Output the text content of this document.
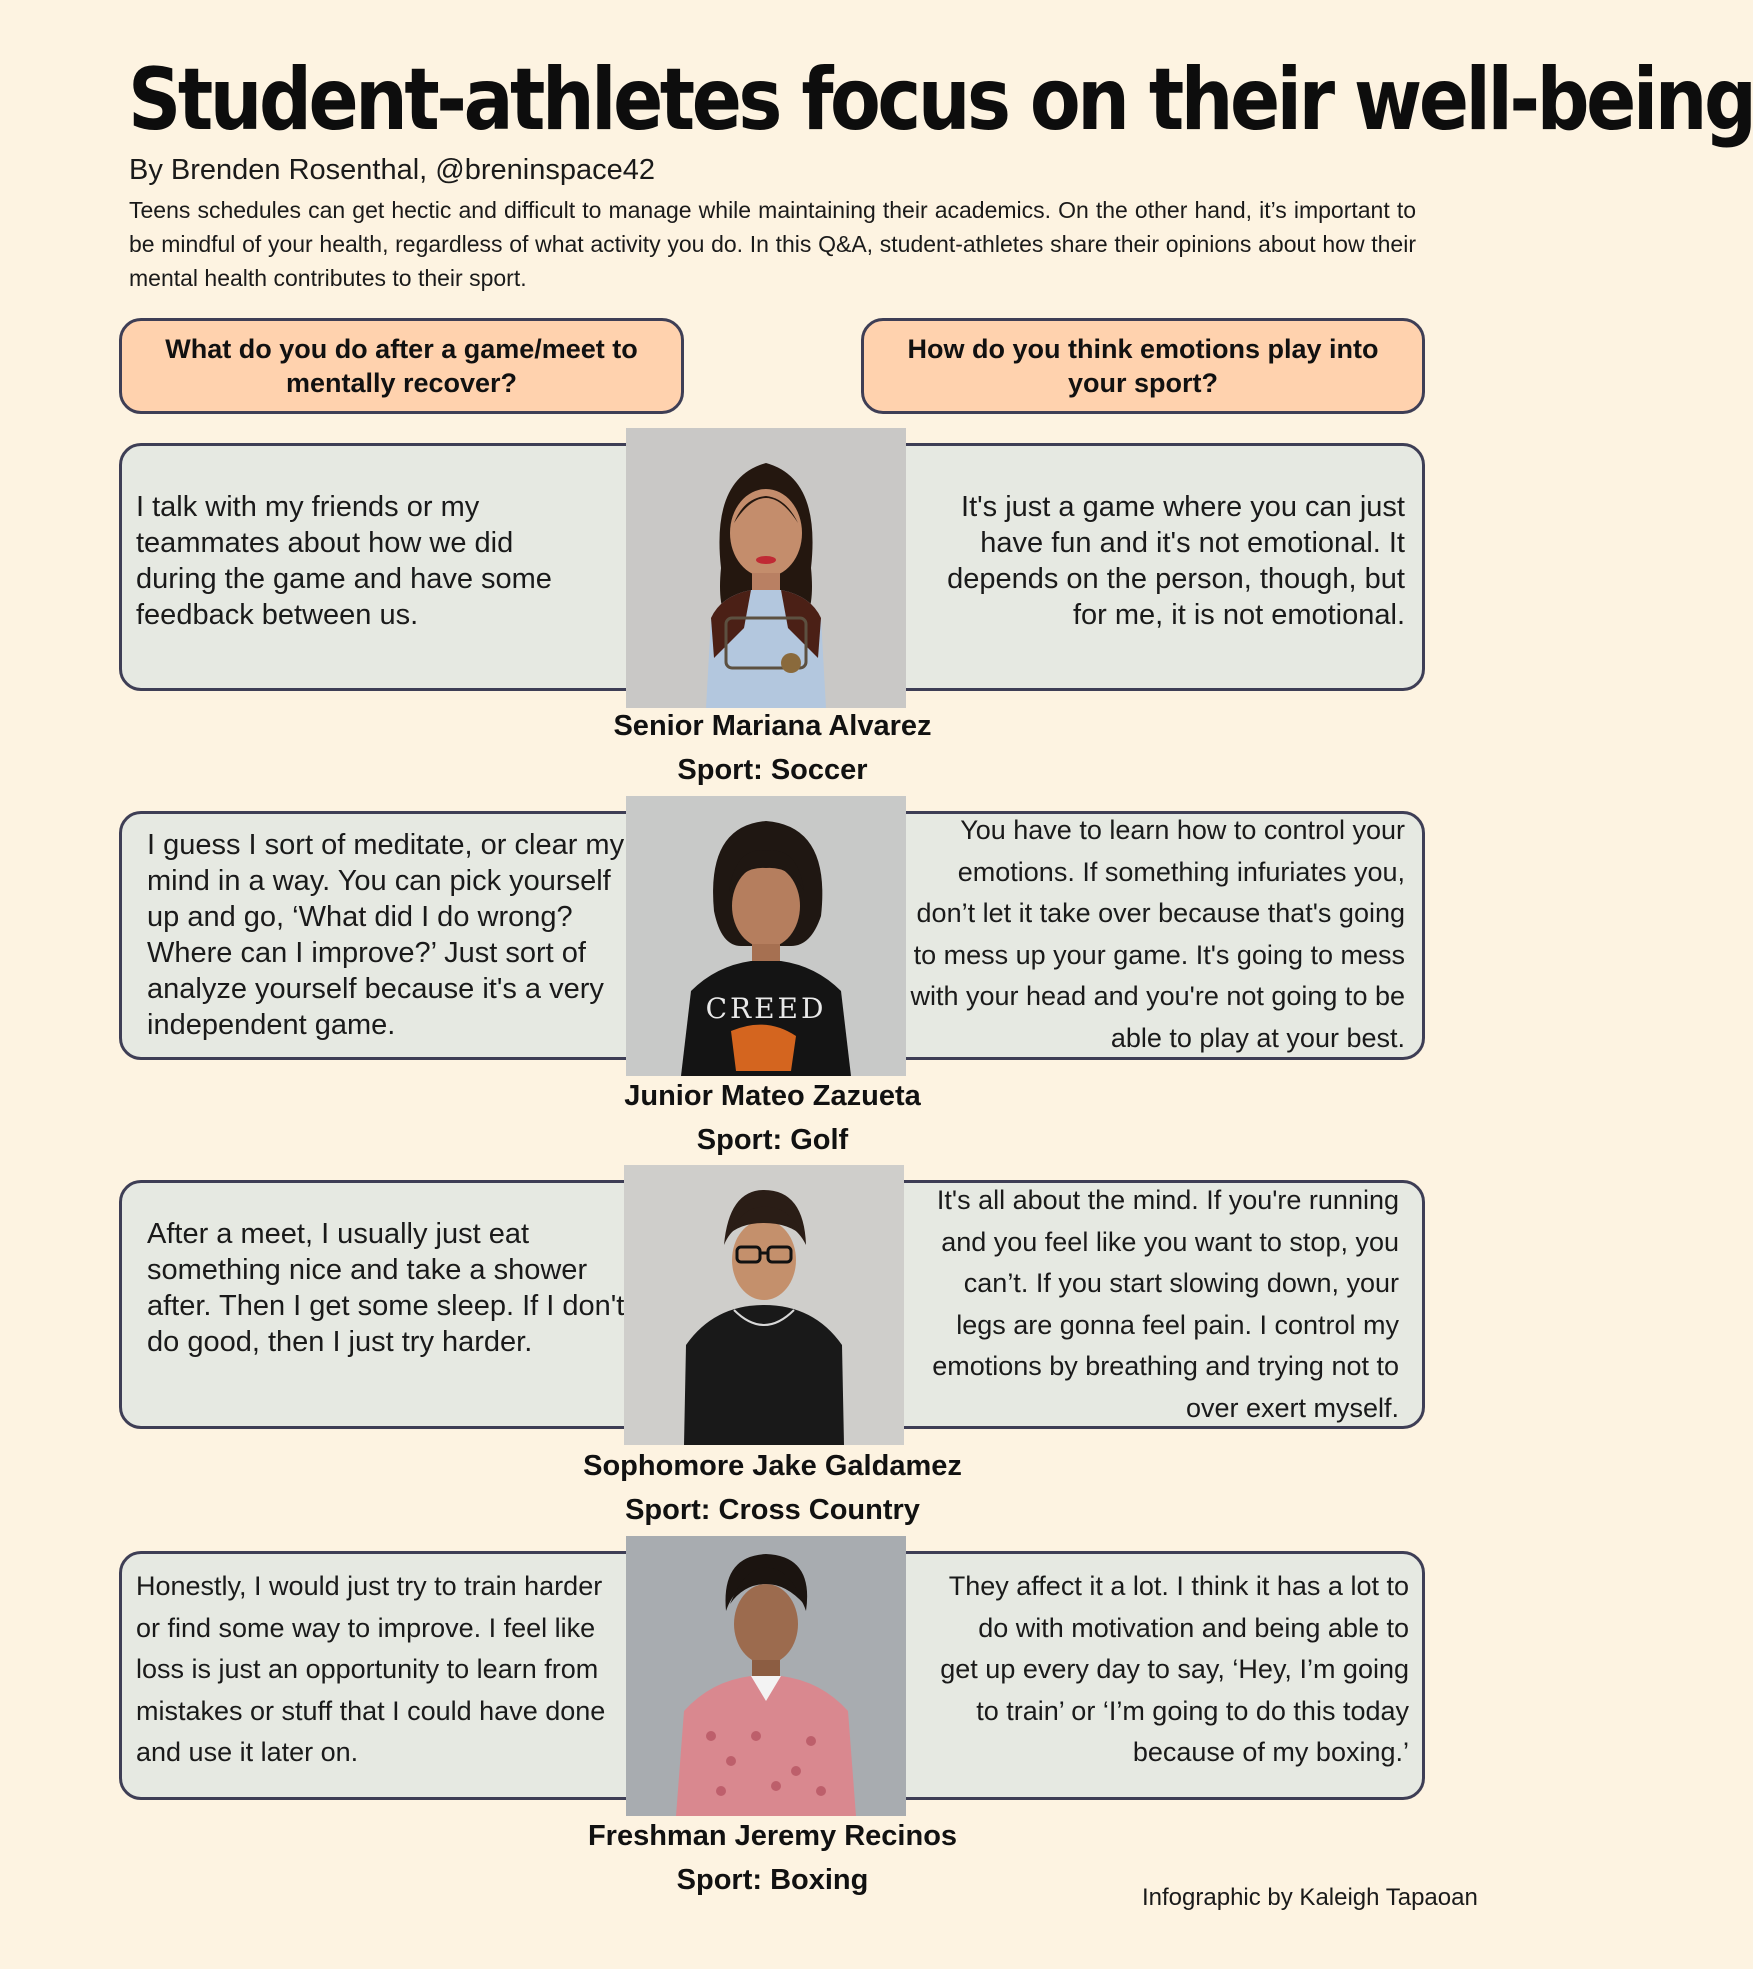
Student-athletes focus on their well-being
By Brenden Rosenthal, @breninspace42
Teens schedules can get hectic and difficult to manage while maintaining their academics. On the other hand, it’s important to be mindful of your health, regardless of what activity you do. In this Q&A, student-athletes share their opinions about how their mental health contributes to their sport.
What do you do after a game/meet to mentally recover?
How do you think emotions play into your sport?
I talk with my friends or my teammates about how we did during the game and have some feedback between us.
It's just a game where you can just have fun and it's not emotional. It depends on the person, though, but for me, it is not emotional.
Senior Mariana Alvarez
Sport: Soccer
I guess I sort of meditate, or clear my mind in a way. You can pick yourself up and go, ‘What did I do wrong? Where can I improve?’ Just sort of analyze yourself because it's a very independent game.
You have to learn how to control your emotions. If something infuriates you, don’t let it take over because that's going to mess up your game. It's going to mess with your head and you're not going to be able to play at your best.
CREED
Junior Mateo Zazueta
Sport: Golf
After a meet, I usually just eat something nice and take a shower after. Then I get some sleep. If I don't do good, then I just try harder.
It's all about the mind. If you're running and you feel like you want to stop, you can’t. If you start slowing down, your legs are gonna feel pain. I control my emotions by breathing and trying not to over exert myself.
Sophomore Jake Galdamez
Sport: Cross Country
Honestly, I would just try to train harder or find some way to improve. I feel like loss is just an opportunity to learn from mistakes or stuff that I could have done and use it later on.
They affect it a lot. I think it has a lot to do with motivation and being able to get up every day to say, ‘Hey, I’m going to train’ or ‘I’m going to do this today because of my boxing.’
Freshman Jeremy Recinos
Sport: Boxing
Infographic by Kaleigh Tapaoan
